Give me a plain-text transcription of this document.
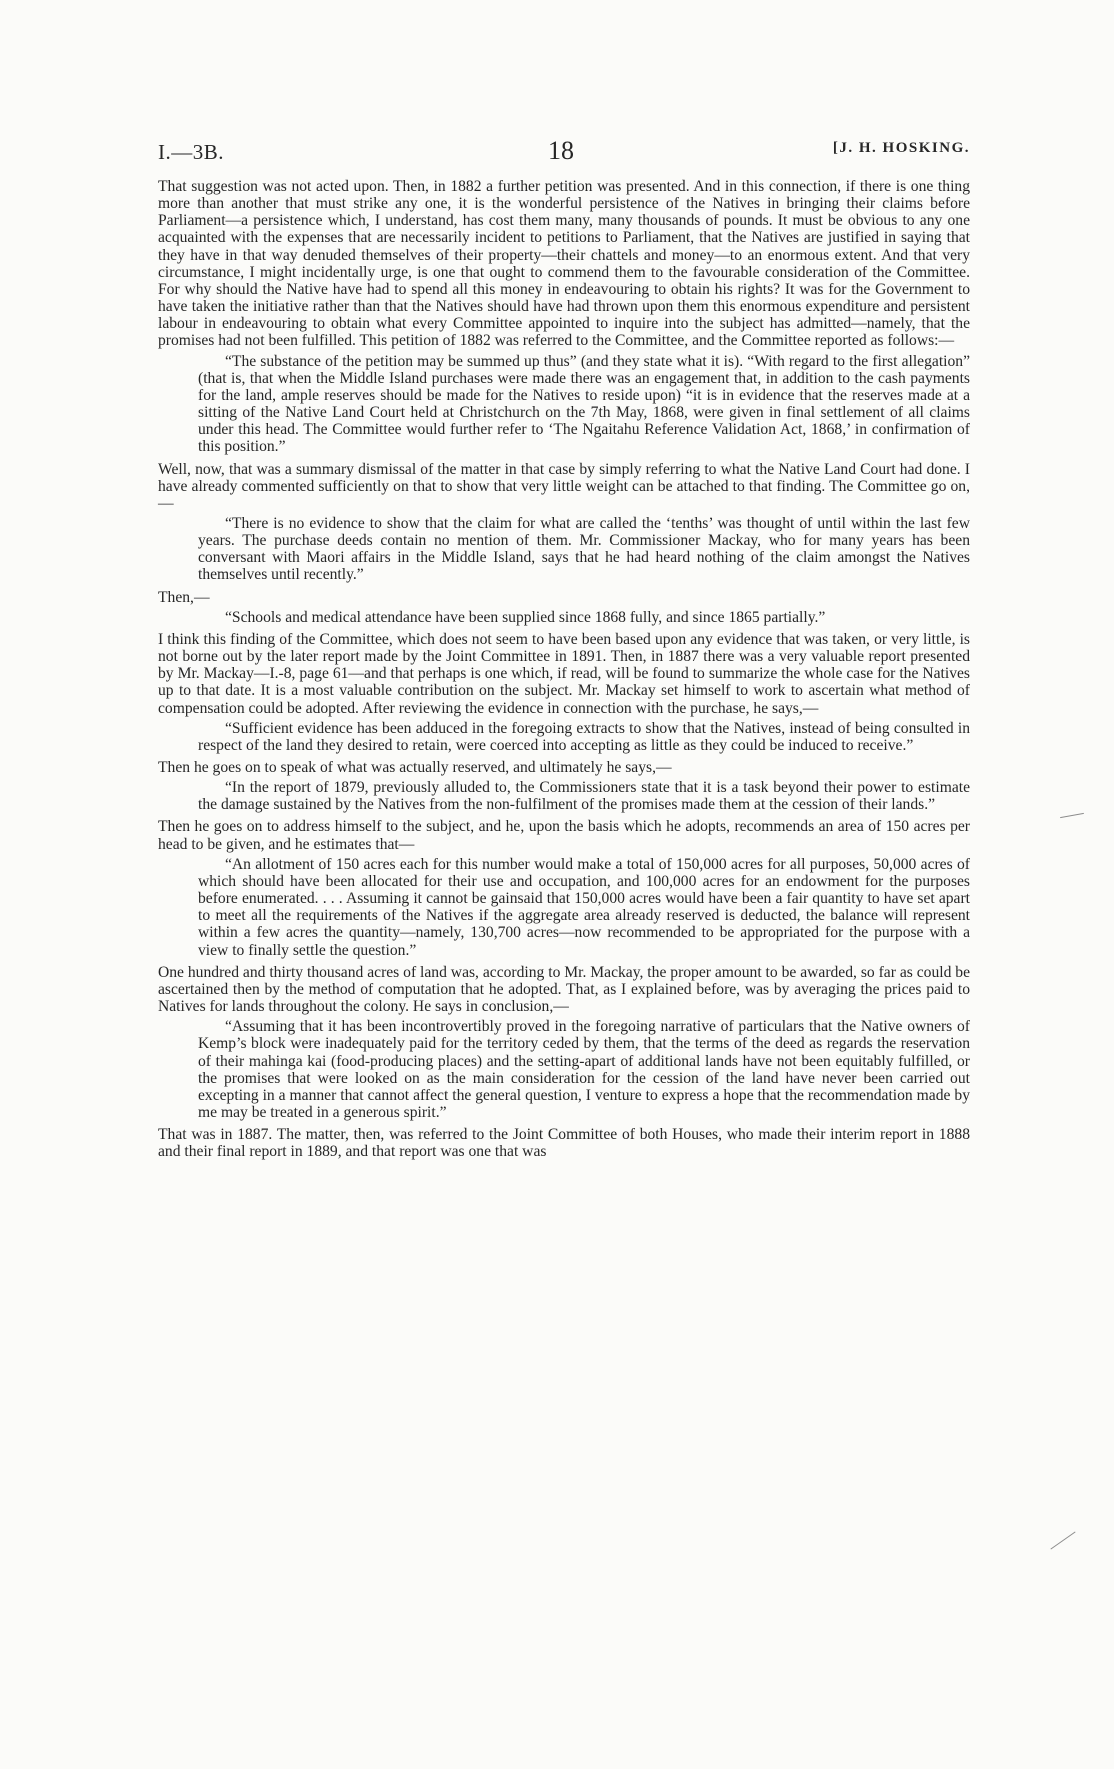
I.—3B.	18	[J. H. HOSKING.

That suggestion was not acted upon. Then, in 1882 a further petition was presented. And in this connection, if there is one thing more than another that must strike any one, it is the wonderful persistence of the Natives in bringing their claims before Parliament—a persistence which, I understand, has cost them many, many thousands of pounds. It must be obvious to any one acquainted with the expenses that are necessarily incident to petitions to Parliament, that the Natives are justified in saying that they have in that way denuded themselves of their property—their chattels and money—to an enormous extent. And that very circumstance, I might incidentally urge, is one that ought to commend them to the favourable consideration of the Committee. For why should the Native have had to spend all this money in endeavouring to obtain his rights? It was for the Government to have taken the initiative rather than that the Natives should have had thrown upon them this enormous expenditure and persistent labour in endeavouring to obtain what every Committee appointed to inquire into the subject has admitted—namely, that the promises had not been fulfilled. This petition of 1882 was referred to the Committee, and the Committee reported as follows:—

“The substance of the petition may be summed up thus” (and they state what it is). “With regard to the first allegation” (that is, that when the Middle Island purchases were made there was an engagement that, in addition to the cash payments for the land, ample reserves should be made for the Natives to reside upon) “it is in evidence that the reserves made at a sitting of the Native Land Court held at Christchurch on the 7th May, 1868, were given in final settlement of all claims under this head. The Committee would further refer to ‘The Ngaitahu Reference Validation Act, 1868,’ in confirmation of this position.”

Well, now, that was a summary dismissal of the matter in that case by simply referring to what the Native Land Court had done. I have already commented sufficiently on that to show that very little weight can be attached to that finding. The Committee go on,—

“There is no evidence to show that the claim for what are called the ‘tenths’ was thought of until within the last few years. The purchase deeds contain no mention of them. Mr. Commissioner Mackay, who for many years has been conversant with Maori affairs in the Middle Island, says that he had heard nothing of the claim amongst the Natives themselves until recently.”

Then,—

“Schools and medical attendance have been supplied since 1868 fully, and since 1865 partially.”

I think this finding of the Committee, which does not seem to have been based upon any evidence that was taken, or very little, is not borne out by the later report made by the Joint Committee in 1891. Then, in 1887 there was a very valuable report presented by Mr. Mackay—I.-8, page 61—and that perhaps is one which, if read, will be found to summarize the whole case for the Natives up to that date. It is a most valuable contribution on the subject. Mr. Mackay set himself to work to ascertain what method of compensation could be adopted. After reviewing the evidence in connection with the purchase, he says,—

“Sufficient evidence has been adduced in the foregoing extracts to show that the Natives, instead of being consulted in respect of the land they desired to retain, were coerced into accepting as little as they could be induced to receive.”

Then he goes on to speak of what was actually reserved, and ultimately he says,—

“In the report of 1879, previously alluded to, the Commissioners state that it is a task beyond their power to estimate the damage sustained by the Natives from the non-fulfilment of the promises made them at the cession of their lands.”

Then he goes on to address himself to the subject, and he, upon the basis which he adopts, recommends an area of 150 acres per head to be given, and he estimates that—

“An allotment of 150 acres each for this number would make a total of 150,000 acres for all purposes, 50,000 acres of which should have been allocated for their use and occupation, and 100,000 acres for an endowment for the purposes before enumerated. . . . Assuming it cannot be gainsaid that 150,000 acres would have been a fair quantity to have set apart to meet all the requirements of the Natives if the aggregate area already reserved is deducted, the balance will represent within a few acres the quantity—namely, 130,700 acres—now recommended to be appropriated for the purpose with a view to finally settle the question.”

One hundred and thirty thousand acres of land was, according to Mr. Mackay, the proper amount to be awarded, so far as could be ascertained then by the method of computation that he adopted. That, as I explained before, was by averaging the prices paid to Natives for lands throughout the colony. He says in conclusion,—

“Assuming that it has been incontrovertibly proved in the foregoing narrative of particulars that the Native owners of Kemp’s block were inadequately paid for the territory ceded by them, that the terms of the deed as regards the reservation of their mahinga kai (food-producing places) and the setting-apart of additional lands have not been equitably fulfilled, or the promises that were looked on as the main consideration for the cession of the land have never been carried out excepting in a manner that cannot affect the general question, I venture to express a hope that the recommendation made by me may be treated in a generous spirit.”

That was in 1887. The matter, then, was referred to the Joint Committee of both Houses, who made their interim report in 1888 and their final report in 1889, and that report was one that was
